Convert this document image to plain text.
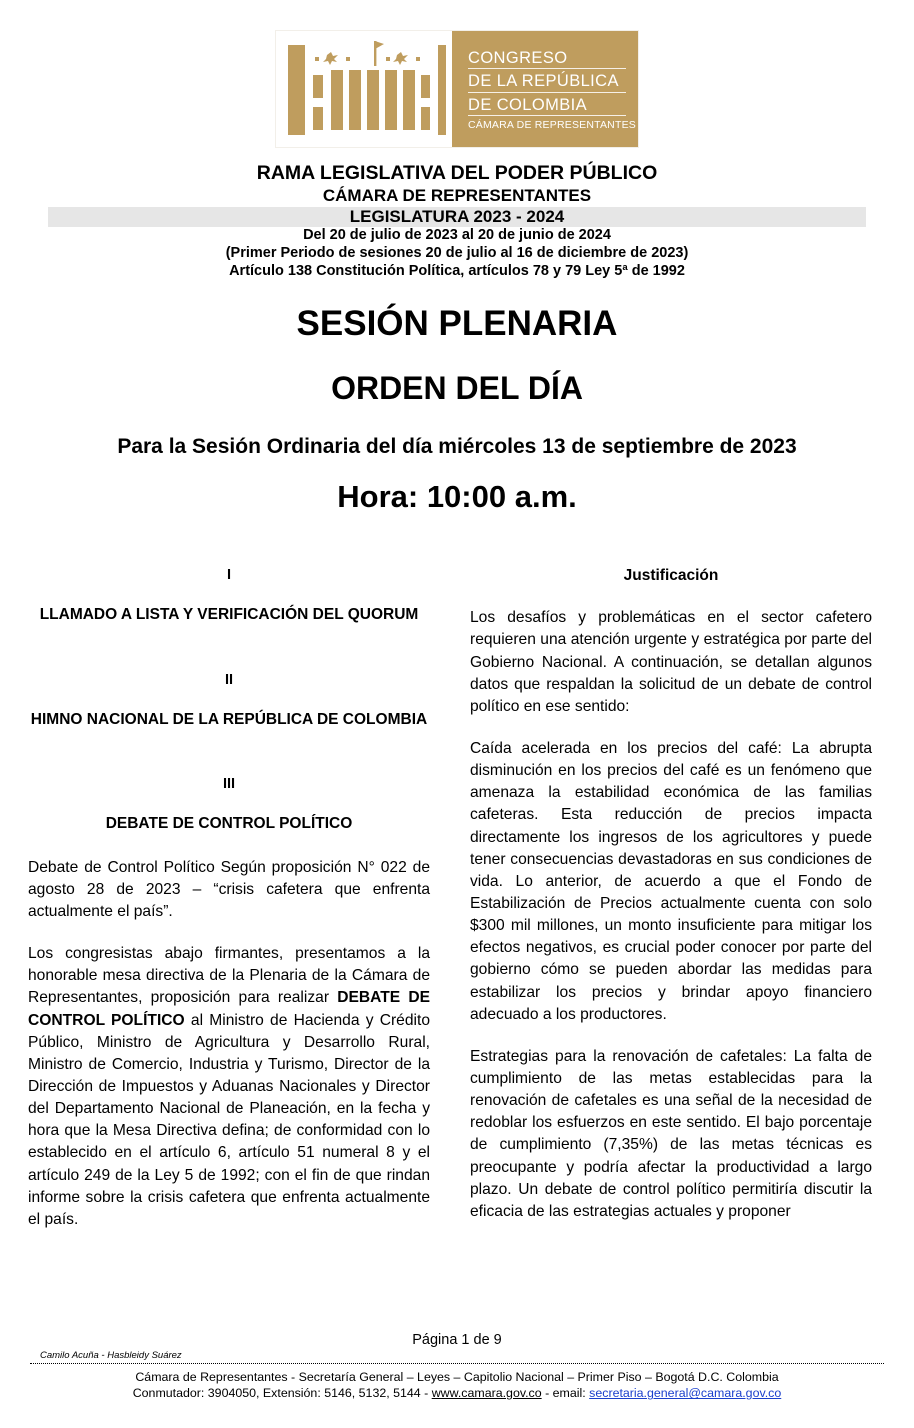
CONGRESO
DE LA REPÚBLICA
DE COLOMBIA
CÁMARA DE REPRESENTANTES
RAMA LEGISLATIVA DEL PODER PÚBLICO
CÁMARA DE REPRESENTANTES
LEGISLATURA 2023 - 2024
Del 20 de julio de 2023 al 20 de junio de 2024
(Primer Periodo de sesiones 20 de julio al 16 de diciembre de 2023)
Artículo 138 Constitución Política, artículos 78 y 79 Ley 5ª de 1992
SESIÓN PLENARIA
ORDEN DEL DÍA
Para la Sesión Ordinaria del día miércoles 13 de septiembre de 2023
Hora: 10:00 a.m.
I
LLAMADO A LISTA Y VERIFICACIÓN DEL QUORUM
II
HIMNO NACIONAL DE LA REPÚBLICA DE COLOMBIA
III
DEBATE DE CONTROL POLÍTICO

Debate de Control Político Según proposición N° 022 de agosto 28 de 2023 – “crisis cafetera que enfrenta actualmente el país”.

Los congresistas abajo firmantes, presentamos a la honorable mesa directiva de la Plenaria de la Cámara de Representantes, proposición para realizar DEBATE DE CONTROL POLÍTICO al Ministro de Hacienda y Crédito Público, Ministro de Agricultura y Desarrollo Rural, Ministro de Comercio, Industria y Turismo, Director de la Dirección de Impuestos y Aduanas Nacionales y Director del Departamento Nacional de Planeación, en la fecha y hora que la Mesa Directiva defina; de conformidad con lo establecido en el artículo 6, artículo 51 numeral 8 y el artículo 249 de la Ley 5 de 1992; con el fin de que rindan informe sobre la crisis cafetera que enfrenta actualmente el país.

Justificación

Los desafíos y problemáticas en el sector cafetero requieren una atención urgente y estratégica por parte del Gobierno Nacional. A continuación, se detallan algunos datos que respaldan la solicitud de un debate de control político en ese sentido:

Caída acelerada en los precios del café: La abrupta disminución en los precios del café es un fenómeno que amenaza la estabilidad económica de las familias cafeteras. Esta reducción de precios impacta directamente los ingresos de los agricultores y puede tener consecuencias devastadoras en sus condiciones de vida. Lo anterior, de acuerdo a que el Fondo de Estabilización de Precios actualmente cuenta con solo $300 mil millones, un monto insuficiente para mitigar los efectos negativos, es crucial poder conocer por parte del gobierno cómo se pueden abordar las medidas para estabilizar los precios y brindar apoyo financiero adecuado a los productores.

Estrategias para la renovación de cafetales: La falta de cumplimiento de las metas establecidas para la renovación de cafetales es una señal de la necesidad de redoblar los esfuerzos en este sentido. El bajo porcentaje de cumplimiento (7,35%) de las metas técnicas es preocupante y podría afectar la productividad a largo plazo. Un debate de control político permitiría discutir la eficacia de las estrategias actuales y proponer

Página 1 de 9
Camilo Acuña - Hasbleidy Suárez
Cámara de Representantes - Secretaría General – Leyes – Capitolio Nacional – Primer Piso – Bogotá D.C. Colombia
Conmutador: 3904050, Extensión: 5146, 5132, 5144 - www.camara.gov.co - email: secretaria.general@camara.gov.co
